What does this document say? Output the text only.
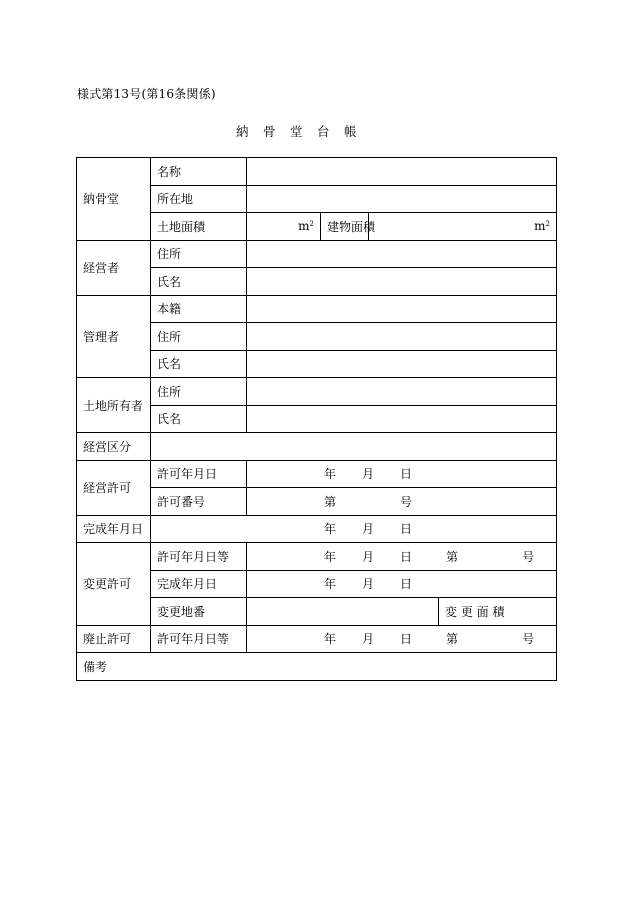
様式第13号(第16条関係)
納　骨　堂　台　帳
納骨堂	名称					
	所在地					
	土地面積	$m^2$	建物面積	$m^2$
経営者	住所					
	氏名					
管理者	本籍					
	住所					
	氏名					
土地所有者	住所					
	氏名					
経営区分						
経営許可	許可年月日	年 月 日				
	許可番号	第 号				
完成年月日	年 月 日					
変更許可	許可年月日等	年 月 日 第 号				
	完成年月日	年 月 日				
	変更地番				変 更 面 積	
廃止許可	許可年月日等	年 月 日 第 号				
備考						
